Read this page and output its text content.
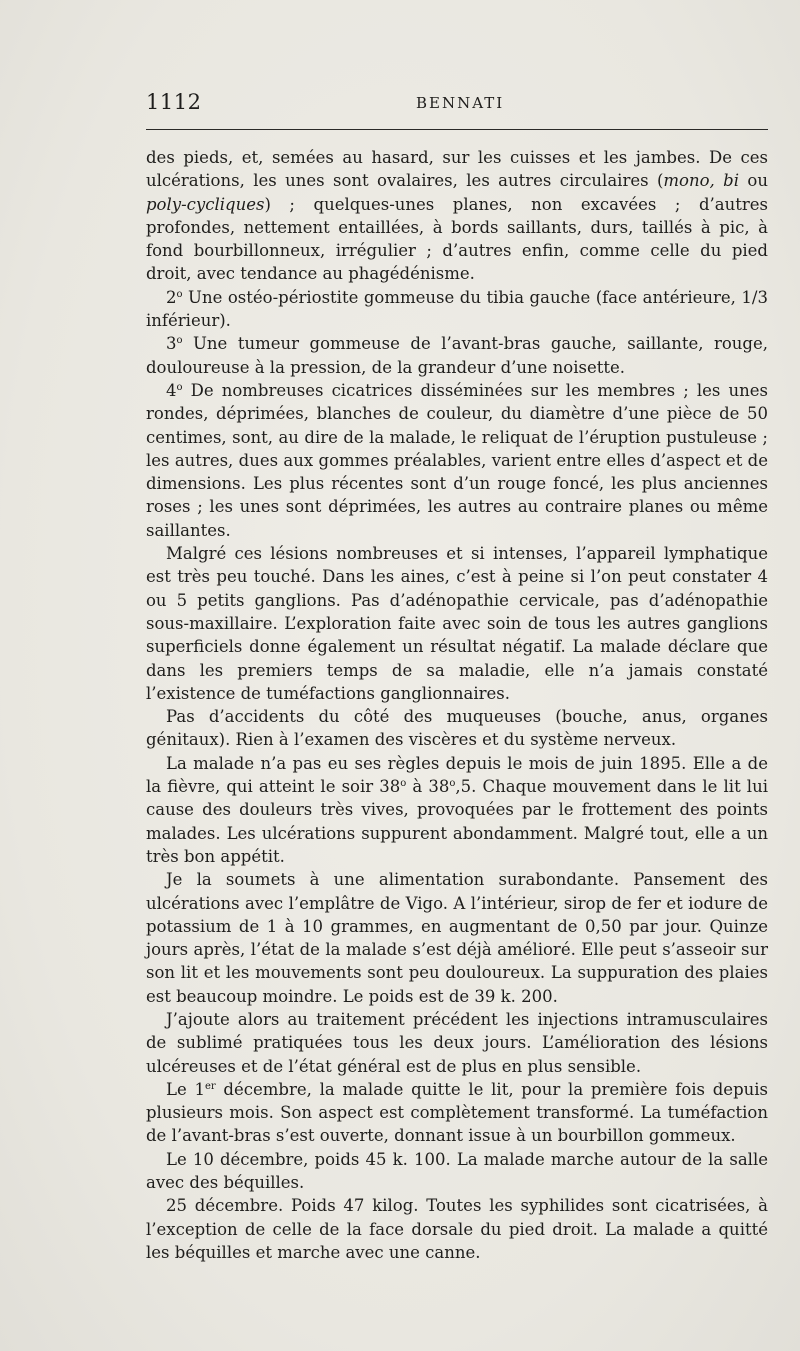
1112	BENNATI

des pieds, et, semées au hasard, sur les cuisses et les jambes. De ces ulcérations, les unes sont ovalaires, les autres circulaires (mono, bi ou poly-cycliques) ; quelques-unes planes, non excavées ; d’autres profondes, nettement entaillées, à bords saillants, durs, taillés à pic, à fond bourbillonneux, irrégulier ; d’autres enfin, comme celle du pied droit, avec tendance au phagédénisme.

2$^o$ Une ostéo-périostite gommeuse du tibia gauche (face antérieure, 1/3 inférieur).

3$^o$ Une tumeur gommeuse de l’avant-bras gauche, saillante, rouge, douloureuse à la pression, de la grandeur d’une noisette.

4$^o$ De nombreuses cicatrices disséminées sur les membres ; les unes rondes, déprimées, blanches de couleur, du diamètre d’une pièce de 50 centimes, sont, au dire de la malade, le reliquat de l’éruption pustuleuse ; les autres, dues aux gommes préalables, varient entre elles d’aspect et de dimensions. Les plus récentes sont d’un rouge foncé, les plus anciennes roses ; les unes sont déprimées, les autres au contraire planes ou même saillantes.

Malgré ces lésions nombreuses et si intenses, l’appareil lymphatique est très peu touché. Dans les aines, c’est à peine si l’on peut constater 4 ou 5 petits ganglions. Pas d’adénopathie cervicale, pas d’adénopathie sous-maxillaire. L’exploration faite avec soin de tous les autres ganglions superficiels donne également un résultat négatif. La malade déclare que dans les premiers temps de sa maladie, elle n’a jamais constaté l’existence de tuméfactions ganglionnaires.

Pas d’accidents du côté des muqueuses (bouche, anus, organes génitaux). Rien à l’examen des viscères et du système nerveux.

La malade n’a pas eu ses règles depuis le mois de juin 1895. Elle a de la fièvre, qui atteint le soir 38$^o$ à 38$^o$,5. Chaque mouvement dans le lit lui cause des douleurs très vives, provoquées par le frottement des points malades. Les ulcérations suppurent abondamment. Malgré tout, elle a un très bon appétit.

Je la soumets à une alimentation surabondante. Pansement des ulcérations avec l’emplâtre de Vigo. A l’intérieur, sirop de fer et iodure de potassium de 1 à 10 grammes, en augmentant de 0,50 par jour. Quinze jours après, l’état de la malade s’est déjà amélioré. Elle peut s’asseoir sur son lit et les mouvements sont peu douloureux. La suppuration des plaies est beaucoup moindre. Le poids est de 39 k. 200.

J’ajoute alors au traitement précédent les injections intramusculaires de sublimé pratiquées tous les deux jours. L’amélioration des lésions ulcéreuses et de l’état général est de plus en plus sensible.

Le 1er décembre, la malade quitte le lit, pour la première fois depuis plusieurs mois. Son aspect est complètement transformé. La tuméfaction de l’avant-bras s’est ouverte, donnant issue à un bourbillon gommeux.

Le 10 décembre, poids 45 k. 100. La malade marche autour de la salle avec des béquilles.

25 décembre. Poids 47 kilog. Toutes les syphilides sont cicatrisées, à l’exception de celle de la face dorsale du pied droit. La malade a quitté les béquilles et marche avec une canne.
